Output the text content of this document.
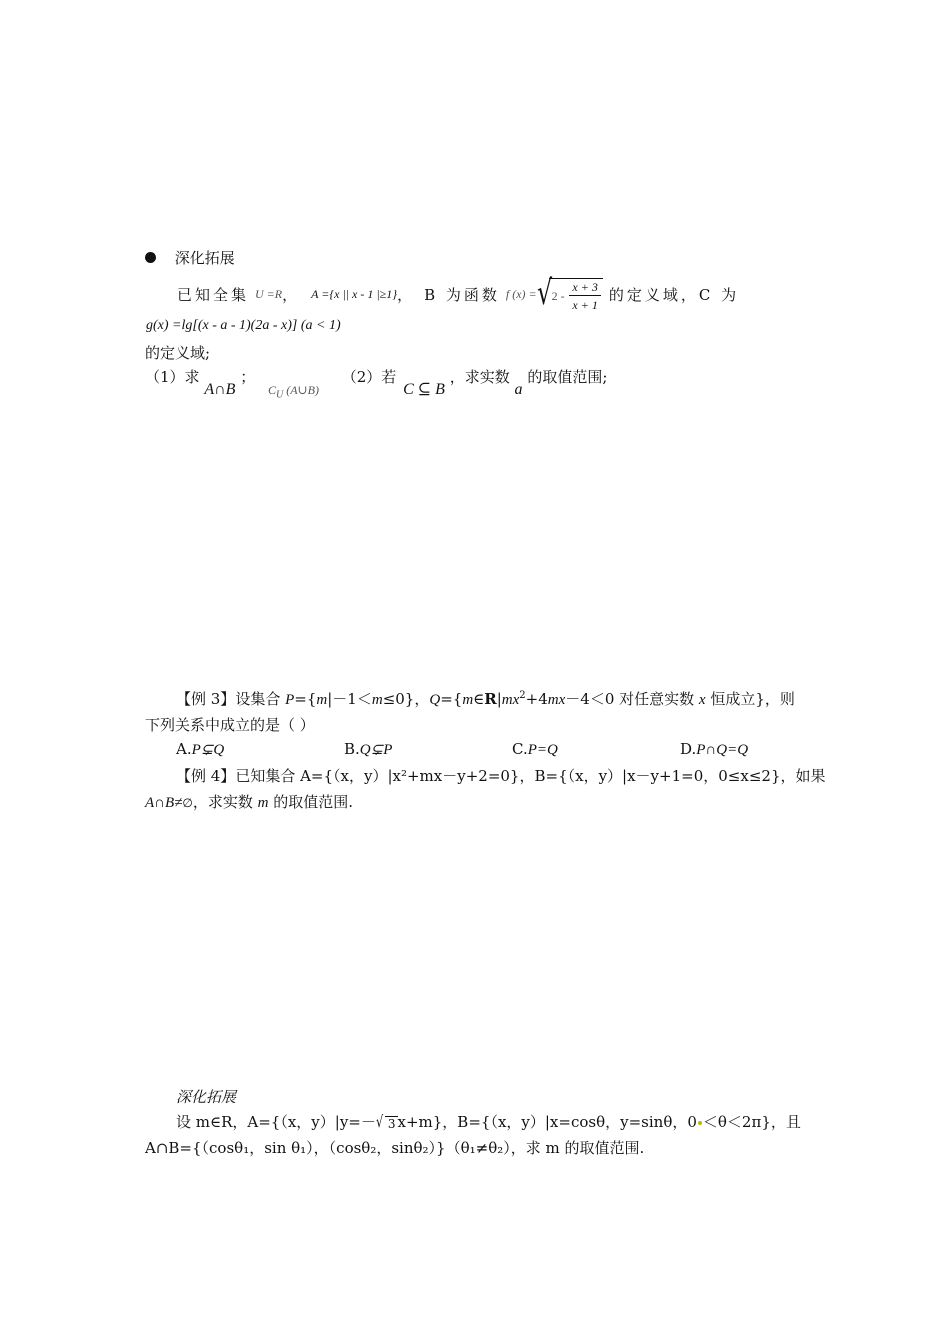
深化拓展
已知全集 U =R ， A ={x || x - 1 |≥1} ， B 为函数 f (x) = √ $2 - \frac{x + 3}{x + 1}$ 的定义域，C 为
g(x) =lg[(x - a - 1)(2a - x)] (a < 1)
的定义域;
（1）求 A∩B ； $_{C_U (A\cup B)}$ （2）若 C ⊆ B ，求实数 a 的取值范围;
【例 3】设集合 P={m|－1＜m≤0}，$Q=\{m\in R|mx^2+4mx-4<0$ 对任意实数 x 恒成立}，则
下列关系中成立的是（ ）
A.P⊊Q	B.Q⊊P	C.P=Q	D.P∩Q=Q
【例 4】已知集合 A={（x，y）|x²+mx－y+2=0}，B={（x，y）|x－y+1=0，0≤x≤2}，如果
A∩B≠∅，求实数 m 的取值范围.
深化拓展
设 m∈R，A={（x，y）|y=－ √ 3 x+m}，B={（x，y）|x=cosθ，y=sinθ，0 ＜θ＜2π}，且
A∩B={（cosθ₁，sin θ₁），（cosθ₂，sinθ₂）}（θ₁≠θ₂），求 m 的取值范围.
